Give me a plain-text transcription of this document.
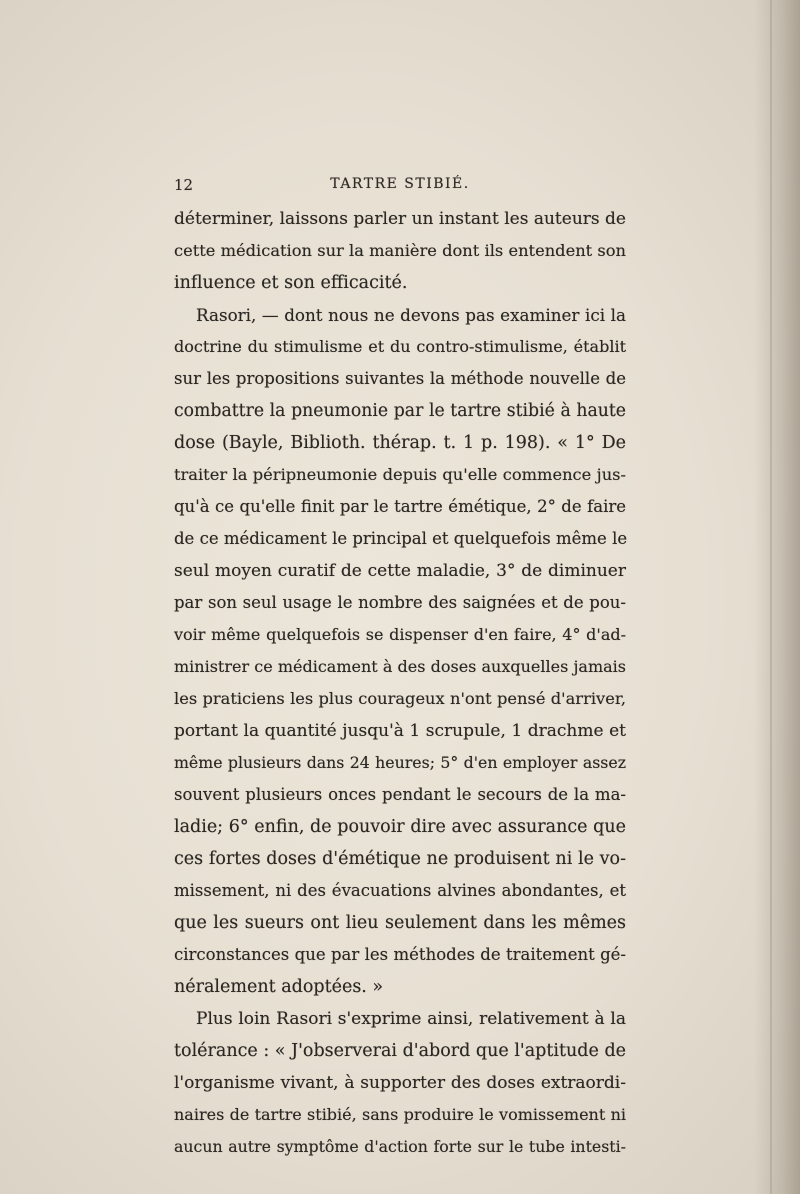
12	TARTRE STIBIÉ.
déterminer, laissons parler un instant les auteurs de
cette médication sur la manière dont ils entendent son
influence et son efficacité.
Rasori, — dont nous ne devons pas examiner ici la
doctrine du stimulisme et du contro-stimulisme, établit
sur les propositions suivantes la méthode nouvelle de
combattre la pneumonie par le tartre stibié à haute
dose (Bayle, Biblioth. thérap. t. 1 p. 198). « 1° De
traiter la péripneumonie depuis qu'elle commence jus-
qu'à ce qu'elle finit par le tartre émétique, 2° de faire
de ce médicament le principal et quelquefois même le
seul moyen curatif de cette maladie, 3° de diminuer
par son seul usage le nombre des saignées et de pou-
voir même quelquefois se dispenser d'en faire, 4° d'ad-
ministrer ce médicament à des doses auxquelles jamais
les praticiens les plus courageux n'ont pensé d'arriver,
portant la quantité jusqu'à 1 scrupule, 1 drachme et
même plusieurs dans 24 heures; 5° d'en employer assez
souvent plusieurs onces pendant le secours de la ma-
ladie; 6° enfin, de pouvoir dire avec assurance que
ces fortes doses d'émétique ne produisent ni le vo-
missement, ni des évacuations alvines abondantes, et
que les sueurs ont lieu seulement dans les mêmes
circonstances que par les méthodes de traitement gé-
néralement adoptées. »
Plus loin Rasori s'exprime ainsi, relativement à la
tolérance : « J'observerai d'abord que l'aptitude de
l'organisme vivant, à supporter des doses extraordi-
naires de tartre stibié, sans produire le vomissement ni
aucun autre symptôme d'action forte sur le tube intesti-
